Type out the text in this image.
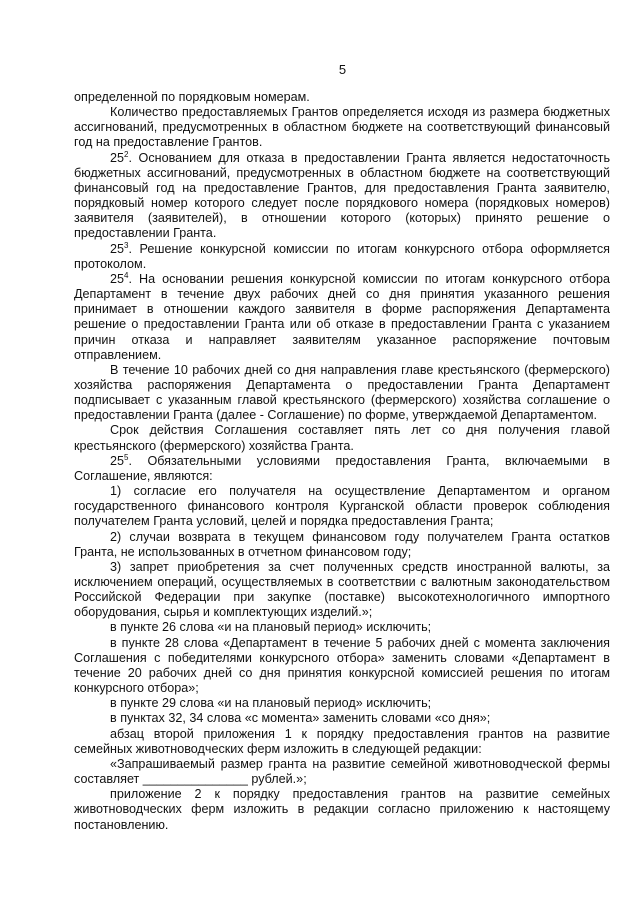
5

определенной по порядковым номерам.

Количество предоставляемых Грантов определяется исходя из размера бюджетных ассигнований, предусмотренных в областном бюджете на соответствующий финансовый год на предоставление Грантов.

$25^2$. Основанием для отказа в предоставлении Гранта является недостаточность бюджетных ассигнований, предусмотренных в областном бюджете на соответствующий финансовый год на предоставление Грантов, для предоставления Гранта заявителю, порядковый номер которого следует после порядкового номера (порядковых номеров) заявителя (заявителей), в отношении которого (которых) принято решение о предоставлении Гранта.

$25^3$. Решение конкурсной комиссии по итогам конкурсного отбора оформляется протоколом.

$25^4$. На основании решения конкурсной комиссии по итогам конкурсного отбора Департамент в течение двух рабочих дней со дня принятия указанного решения принимает в отношении каждого заявителя в форме распоряжения Департамента решение о предоставлении Гранта или об отказе в предоставлении Гранта с указанием причин отказа и направляет заявителям указанное распоряжение почтовым отправлением.

В течение 10 рабочих дней со дня направления главе крестьянского (фермерского) хозяйства распоряжения Департамента о предоставлении Гранта Департамент подписывает с указанным главой крестьянского (фермерского) хозяйства соглашение о предоставлении Гранта (далее - Соглашение) по форме, утверждаемой Департаментом.

Срок действия Соглашения составляет пять лет со дня получения главой крестьянского (фермерского) хозяйства Гранта.

$25^5$. Обязательными условиями предоставления Гранта, включаемыми в Соглашение, являются:

1) согласие его получателя на осуществление Департаментом и органом государственного финансового контроля Курганской области проверок соблюдения получателем Гранта условий, целей и порядка предоставления Гранта;

2) случаи возврата в текущем финансовом году получателем Гранта остатков Гранта, не использованных в отчетном финансовом году;

3) запрет приобретения за счет полученных средств иностранной валюты, за исключением операций, осуществляемых в соответствии с валютным законодательством Российской Федерации при закупке (поставке) высокотехнологичного импортного оборудования, сырья и комплектующих изделий.»;

в пункте 26 слова «и на плановый период» исключить;

в пункте 28 слова «Департамент в течение 5 рабочих дней с момента заключения Соглашения с победителями конкурсного отбора» заменить словами «Департамент в течение 20 рабочих дней со дня принятия конкурсной комиссией решения по итогам конкурсного отбора»;

в пункте 29 слова «и на плановый период» исключить;

в пунктах 32, 34 слова «с момента» заменить словами «со дня»;

абзац второй приложения 1 к порядку предоставления грантов на развитие семейных животноводческих ферм изложить в следующей редакции:

«Запрашиваемый размер гранта на развитие семейной животноводческой фермы составляет _______________ рублей.»;

приложение 2 к порядку предоставления грантов на развитие семейных животноводческих ферм изложить в редакции согласно приложению к настоящему постановлению.
